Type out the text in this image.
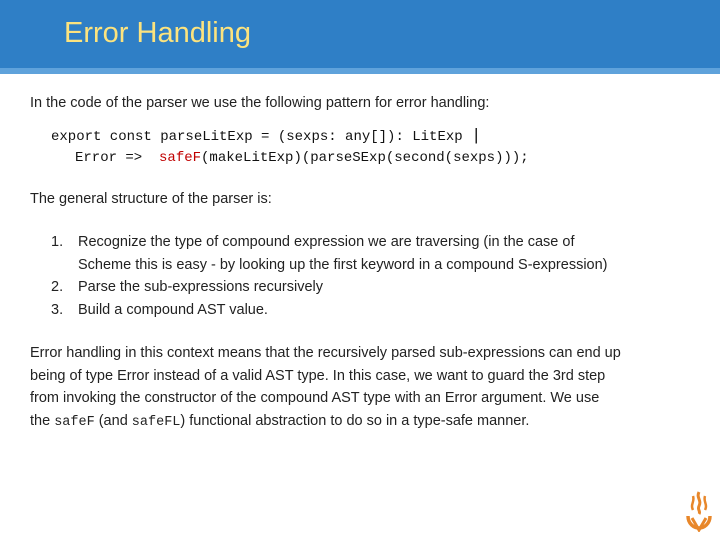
Error Handling
In the code of the parser we use the following pattern for error handling:
export const parseLitExp = (sexps: any[]): LitExp |
Error =>  safeF(makeLitExp)(parseSExp(second(sexps)));
The general structure of the parser is:
1. Recognize the type of compound expression we are traversing (in the case of
Scheme this is easy - by looking up the first keyword in a compound S-expression)
2. Parse the sub-expressions recursively
3. Build a compound AST value.
Error handling in this context means that the recursively parsed sub-expressions can end up
being of type Error instead of a valid AST type. In this case, we want to guard the 3rd step
from invoking the constructor of the compound AST type with an Error argument. We use
the safeF (and safeFL) functional abstraction to do so in a type-safe manner.
